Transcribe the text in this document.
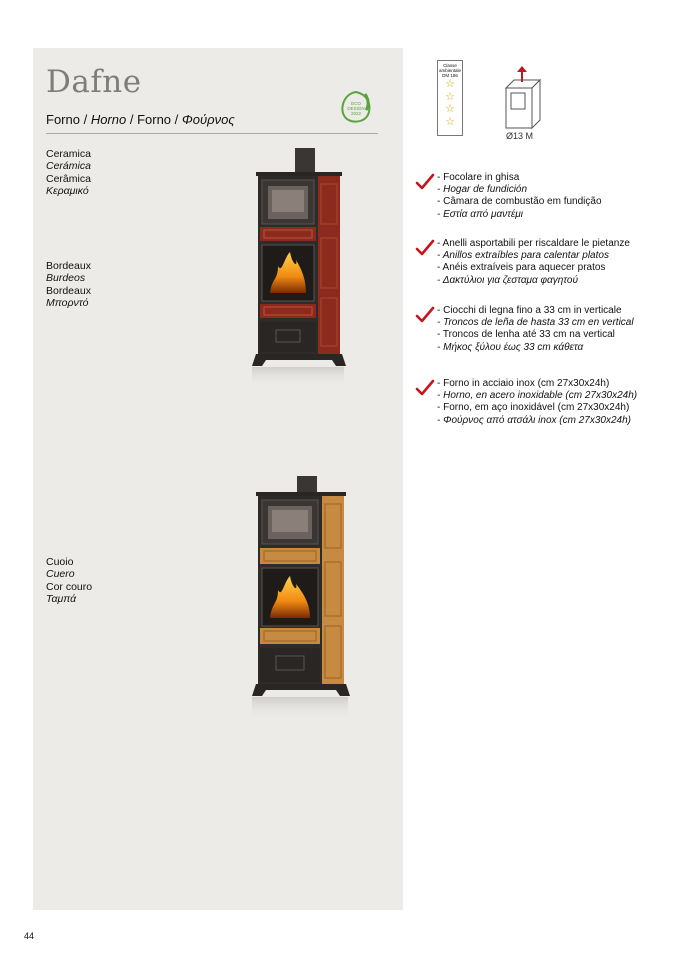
Dafne
Forno / Horno / Forno / Φούρνος
ECO
DESIGN
2022
Ceramica
Cerámica
Cerâmica
Κεραμικό
Bordeaux
Burdeos
Bordeaux
Μπορντό
Cuoio
Cuero
Cor couro
Ταμπά
Classe
ambientale
DM 186
☆
☆
☆
☆
Ø13 M
- Focolare in ghisa
- Hogar de fundición
- Câmara de combustão em fundição
- Εστία από μαντέμι
- Anelli asportabili per riscaldare le pietanze
- Anillos extraíbles para calentar platos
- Anéis extraíveis para aquecer pratos
- Δακτύλιοι για ζεσταμα φαγητού
- Ciocchi di legna fino a 33 cm in verticale
- Troncos de leña de hasta 33 cm en vertical
- Troncos de lenha até 33 cm na vertical
- Μήκος ξύλου έως 33 cm κάθετα
- Forno in acciaio inox (cm 27x30x24h)
- Horno, en acero inoxidable (cm 27x30x24h)
- Forno, em aço inoxidável (cm 27x30x24h)
- Φούρνος από ατσάλι inox (cm 27x30x24h)
44
